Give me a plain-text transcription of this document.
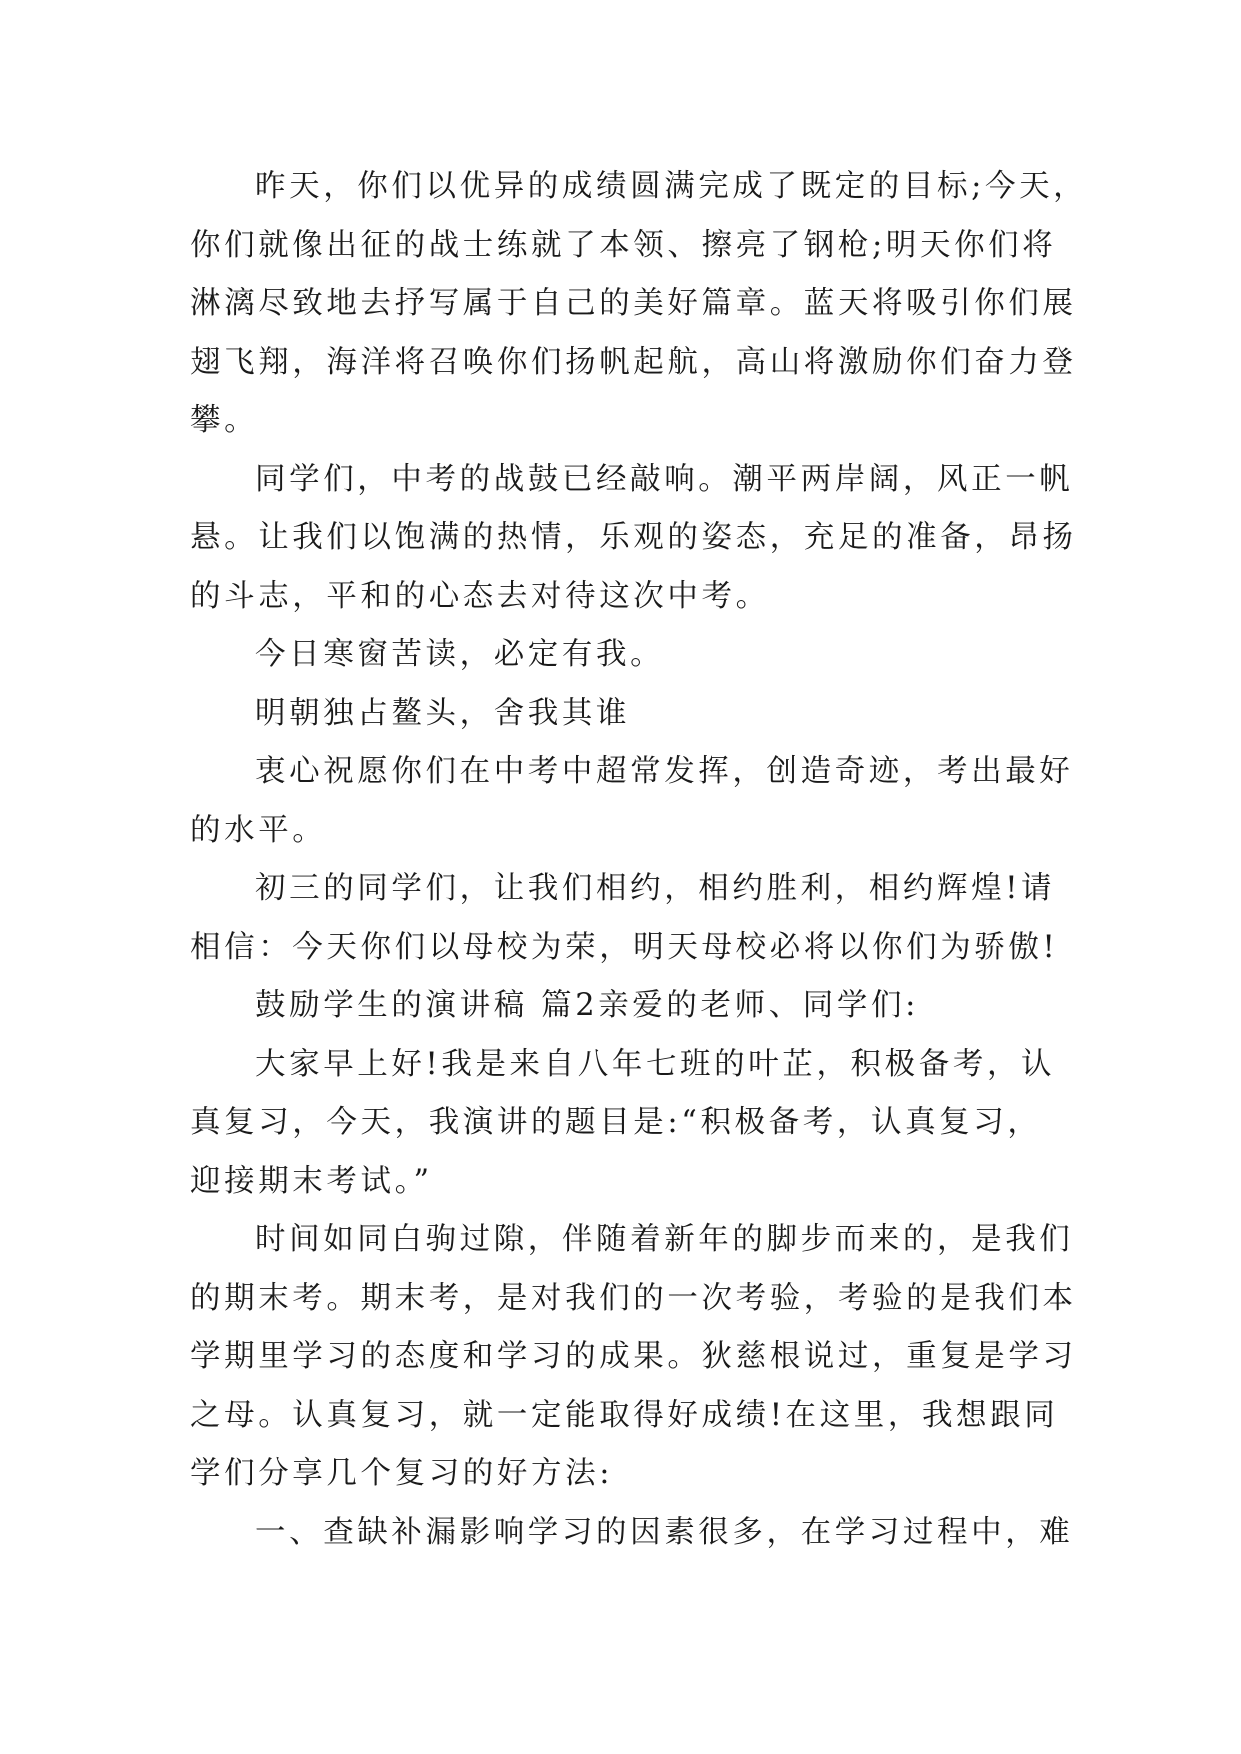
昨天，你们以优异的成绩圆满完成了既定的目标;今天，
你们就像出征的战士练就了本领、擦亮了钢枪;明天你们将
淋漓尽致地去抒写属于自己的美好篇章。蓝天将吸引你们展
翅飞翔，海洋将召唤你们扬帆起航，高山将激励你们奋力登
攀。

同学们，中考的战鼓已经敲响。潮平两岸阔，风正一帆
悬。让我们以饱满的热情，乐观的姿态，充足的准备，昂扬
的斗志，平和的心态去对待这次中考。

今日寒窗苦读，必定有我。

明朝独占鳌头，舍我其谁

衷心祝愿你们在中考中超常发挥，创造奇迹，考出最好
的水平。

初三的同学们，让我们相约，相约胜利，相约辉煌!请
相信：今天你们以母校为荣，明天母校必将以你们为骄傲!

鼓励学生的演讲稿 篇2亲爱的老师、同学们:

大家早上好!我是来自八年七班的叶芷，积极备考，认
真复习，今天，我演讲的题目是:“积极备考，认真复习，
迎接期末考试。”

时间如同白驹过隙，伴随着新年的脚步而来的，是我们
的期末考。期末考，是对我们的一次考验，考验的是我们本
学期里学习的态度和学习的成果。狄慈根说过，重复是学习
之母。认真复习，就一定能取得好成绩!在这里，我想跟同
学们分享几个复习的好方法:

一、查缺补漏影响学习的因素很多，在学习过程中，难
